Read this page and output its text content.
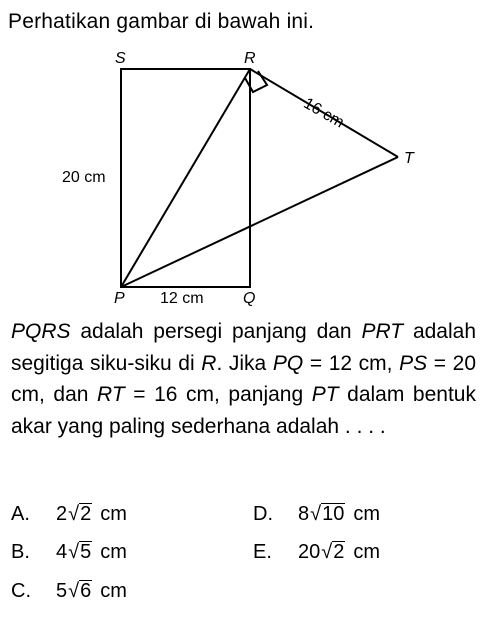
Perhatikan gambar di bawah ini.
S	R
T
P	Q
16 cm
20 cm
12 cm
PQRS adalah persegi panjang dan PRT adalah segitiga siku-siku di R. Jika PQ = 12 cm, PS = 20 cm, dan RT = 16 cm, panjang PT dalam bentuk akar yang paling sederhana adalah . . . .
A.	2 √ 2 cm
B.	4 √ 5 cm
C.	5 √ 6 cm
D.	8 √ 10 cm
E.	20 √ 2 cm
